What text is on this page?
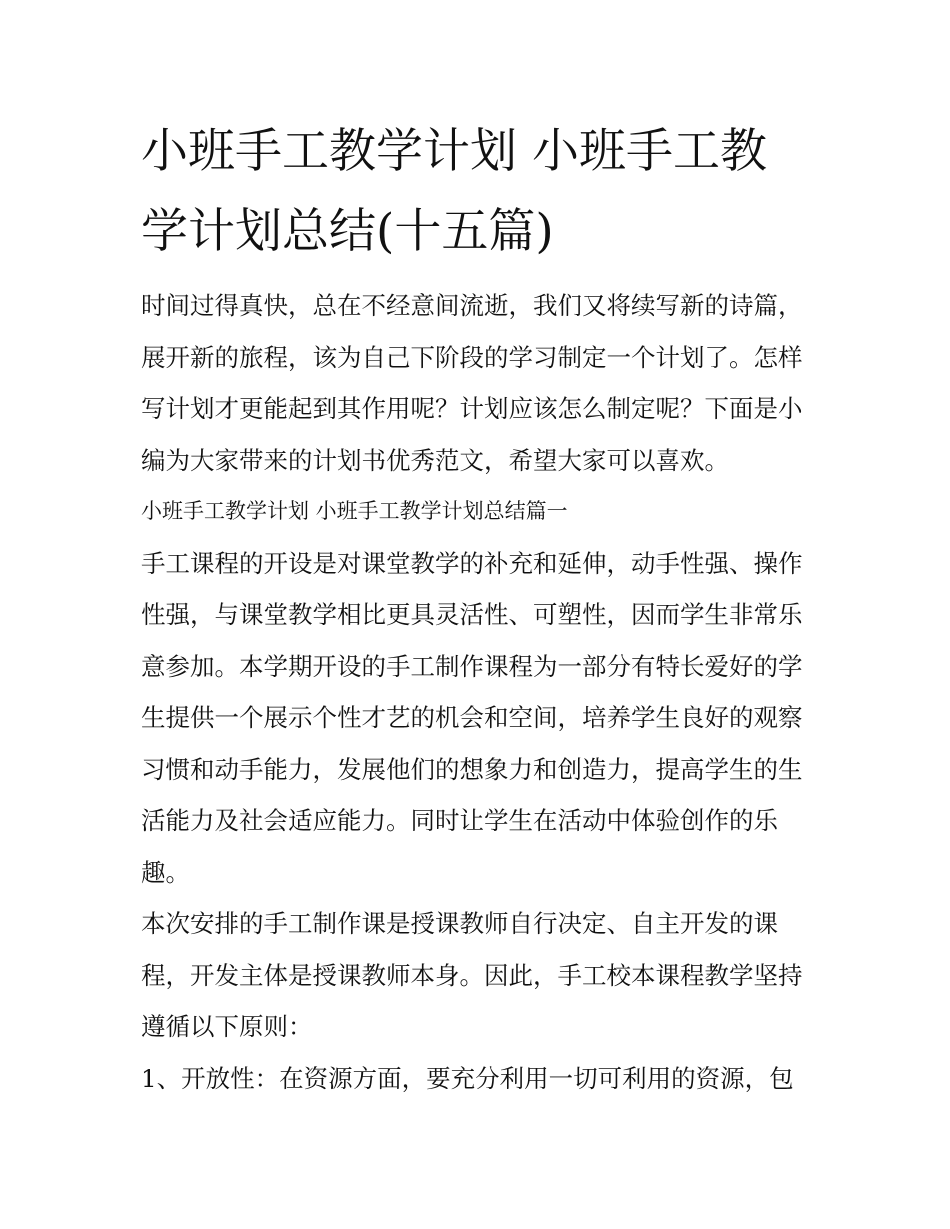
小班手工教学计划 小班手工教
学计划总结(十五篇)

时间过得真快，总在不经意间流逝，我们又将续写新的诗篇，

展开新的旅程，该为自己下阶段的学习制定一个计划了。怎样

写计划才更能起到其作用呢？计划应该怎么制定呢？下面是小

编为大家带来的计划书优秀范文，希望大家可以喜欢。

小班手工教学计划 小班手工教学计划总结篇一

手工课程的开设是对课堂教学的补充和延伸，动手性强、操作

性强，与课堂教学相比更具灵活性、可塑性，因而学生非常乐

意参加。本学期开设的手工制作课程为一部分有特长爱好的学

生提供一个展示个性才艺的机会和空间，培养学生良好的观察

习惯和动手能力，发展他们的想象力和创造力，提高学生的生

活能力及社会适应能力。同时让学生在活动中体验创作的乐

趣。

本次安排的手工制作课是授课教师自行决定、自主开发的课

程，开发主体是授课教师本身。因此，手工校本课程教学坚持

遵循以下原则：

1、开放性：在资源方面，要充分利用一切可利用的资源，包
